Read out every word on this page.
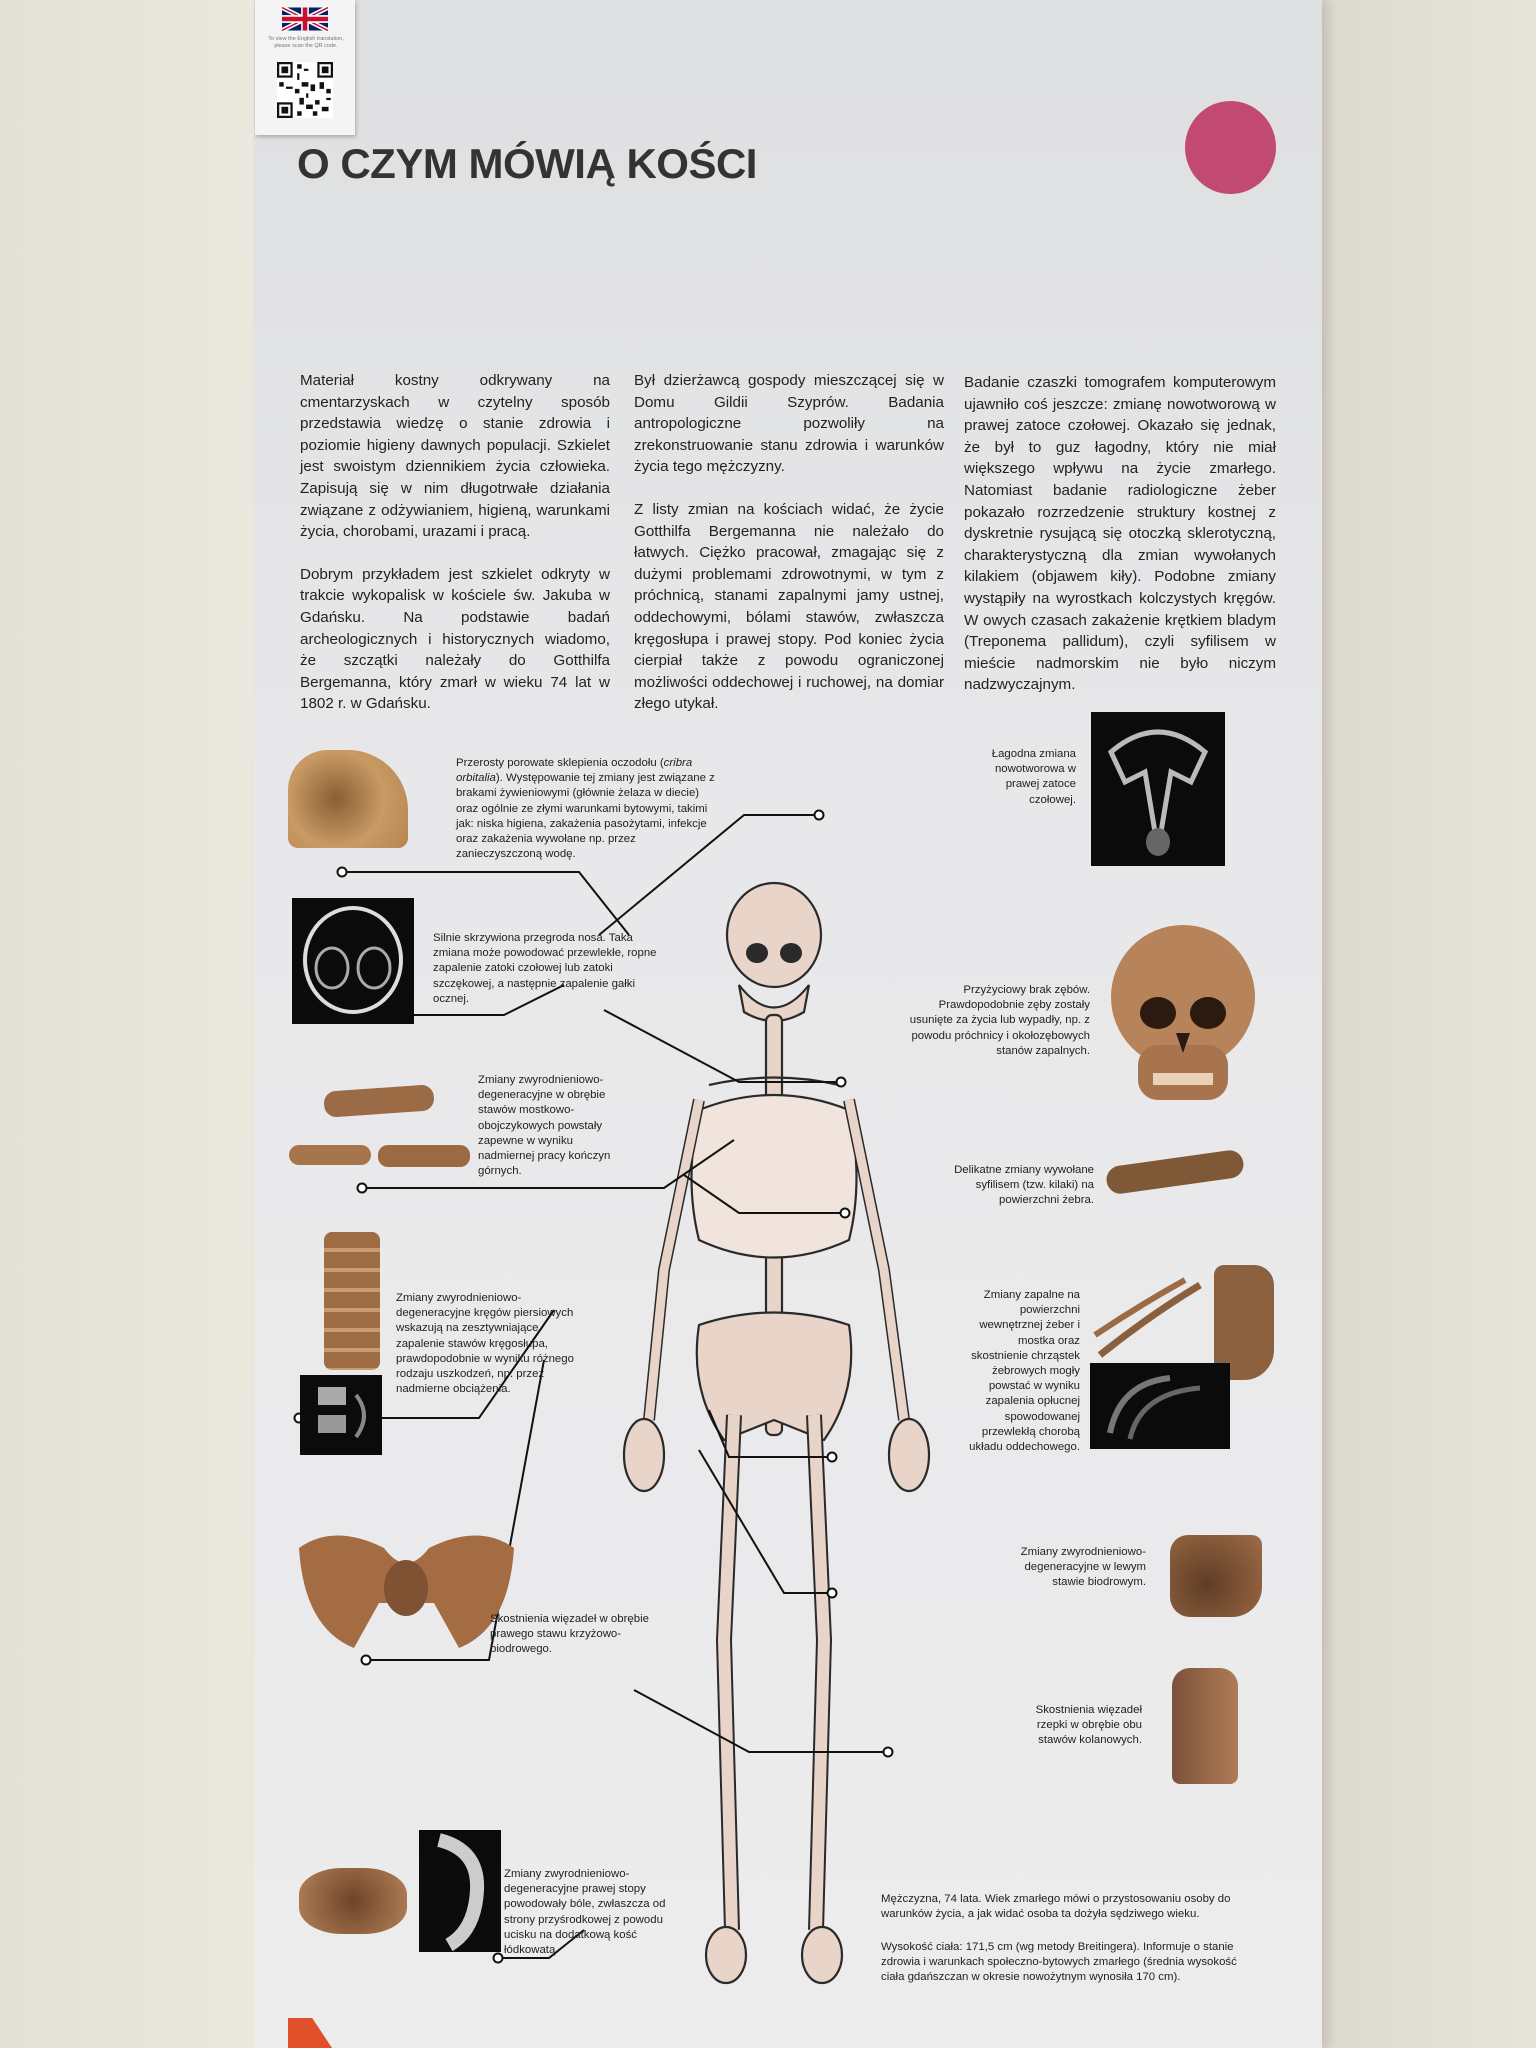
To view the English translation, please scan the QR code.
O CZYM MÓWIĄ KOŚCI

Materiał kostny odkrywany na cmentarzyskach w czytelny sposób przedstawia wiedzę o stanie zdrowia i poziomie higieny dawnych populacji. Szkielet jest swoistym dziennikiem życia człowieka. Zapisują się w nim długotrwałe działania związane z odżywianiem, higieną, warunkami życia, chorobami, urazami i pracą.

Dobrym przykładem jest szkielet odkryty w trakcie wykopalisk w kościele św. Jakuba w Gdańsku. Na podstawie badań archeologicznych i historycznych wiadomo, że szczątki należały do Gotthilfa Bergemanna, który zmarł w wieku 74 lat w 1802 r. w Gdańsku.

Był dzierżawcą gospody mieszczącej się w Domu Gildii Szyprów. Badania antropologiczne pozwoliły na zrekonstruowanie stanu zdrowia i warunków życia tego mężczyzny.

Z listy zmian na kościach widać, że życie Gotthilfa Bergemanna nie należało do łatwych. Ciężko pracował, zmagając się z dużymi problemami zdrowotnymi, w tym z próchnicą, stanami zapalnymi jamy ustnej, oddechowymi, bólami stawów, zwłaszcza kręgosłupa i prawej stopy. Pod koniec życia cierpiał także z powodu ograniczonej możliwości oddechowej i ruchowej, na domiar złego utykał.

Badanie czaszki tomografem komputerowym ujawniło coś jeszcze: zmianę nowotworową w prawej zatoce czołowej. Okazało się jednak, że był to guz łagodny, który nie miał większego wpływu na życie zmarłego. Natomiast badanie radiologiczne żeber pokazało rozrzedzenie struktury kostnej z dyskretnie rysującą się otoczką sklerotyczną, charakterystyczną dla zmian wywołanych kilakiem (objawem kiły). Podobne zmiany wystąpiły na wyrostkach kolczystych kręgów. W owych czasach zakażenie krętkiem bladym (Treponema pallidum), czyli syfilisem w mieście nadmorskim nie było niczym nadzwyczajnym.

Przerosty porowate sklepienia oczodołu (cribra orbitalia). Występowanie tej zmiany jest związane z brakami żywieniowymi (głównie żelaza w diecie) oraz ogólnie ze złymi warunkami bytowymi, takimi jak: niska higiena, zakażenia pasożytami, infekcje oraz zakażenia wywołane np. przez zanieczyszczoną wodę.
Łagodna zmiana nowotworowa w prawej zatoce czołowej.
Silnie skrzywiona przegroda nosa. Taka zmiana może powodować przewlekłe, ropne zapalenie zatoki czołowej lub zatoki szczękowej, a następnie zapalenie gałki ocznej.
Przyżyciowy brak zębów. Prawdopodobnie zęby zostały usunięte za życia lub wypadły, np. z powodu próchnicy i okołozębowych stanów zapalnych.
Zmiany zwyrodnieniowo-degeneracyjne w obrębie stawów mostkowo-obojczykowych powstały zapewne w wyniku nadmiernej pracy kończyn górnych.	Delikatne zmiany wywołane syfilisem (tzw. kilaki) na powierzchni żebra.
Zmiany zwyrodnieniowo-degeneracyjne kręgów piersiowych wskazują na zesztywniające zapalenie stawów kręgosłupa, prawdopodobnie w wyniku różnego rodzaju uszkodzeń, np. przez nadmierne obciążenia.
Zmiany zapalne na powierzchni wewnętrznej żeber i mostka oraz skostnienie chrząstek żebrowych mogły powstać w wyniku zapalenia opłucnej spowodowanej przewlekłą chorobą układu oddechowego.
Zmiany zwyrodnieniowo-degeneracyjne w lewym stawie biodrowym.
Skostnienia więzadeł w obrębie prawego stawu krzyżowo-biodrowego.
Skostnienia więzadeł rzepki w obrębie obu stawów kolanowych.
Zmiany zwyrodnieniowo-degeneracyjne prawej stopy powodowały bóle, zwłaszcza od strony przyśrodkowej z powodu ucisku na dodatkową kość łódkowatą.
Mężczyzna, 74 lata. Wiek zmarłego mówi o przystosowaniu osoby do warunków życia, a jak widać osoba ta dożyła sędziwego wieku.
Wysokość ciała: 171,5 cm (wg metody Breitingera). Informuje o stanie zdrowia i warunkach społeczno-bytowych zmarłego (średnia wysokość ciała gdańszczan w okresie nowożytnym wynosiła 170 cm).
